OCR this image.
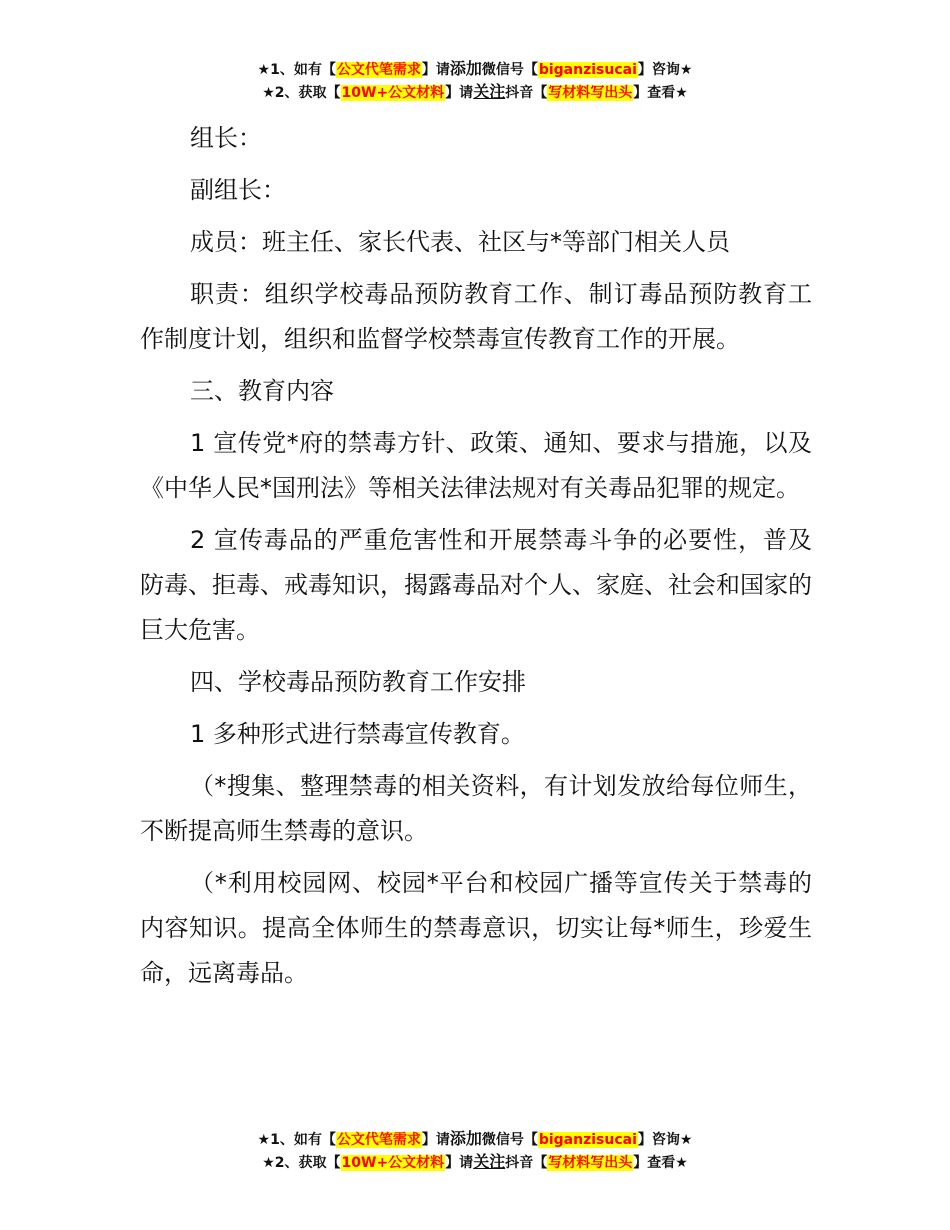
★1、如有【公文代笔需求】请添加微信号【biganzisucai】咨询★
★2、获取【10W+公文材料】请关注抖音【写材料写出头】查看★

组长：

副组长：

成员：班主任、家长代表、社区与*等部门相关人员

职责：组织学校毒品预防教育工作、制订毒品预防教育工作制度计划，组织和监督学校禁毒宣传教育工作的开展。

三、教育内容

1 宣传党*府的禁毒方针、政策、通知、要求与措施，以及《中华人民*国刑法》等相关法律法规对有关毒品犯罪的规定。

2 宣传毒品的严重危害性和开展禁毒斗争的必要性，普及防毒、拒毒、戒毒知识，揭露毒品对个人、家庭、社会和国家的巨大危害。

四、学校毒品预防教育工作安排

1 多种形式进行禁毒宣传教育。

（*搜集、整理禁毒的相关资料，有计划发放给每位师生，不断提高师生禁毒的意识。

（*利用校园网、校园*平台和校园广播等宣传关于禁毒的内容知识。提高全体师生的禁毒意识，切实让每*师生，珍爱生命，远离毒品。

★1、如有【公文代笔需求】请添加微信号【biganzisucai】咨询★
★2、获取【10W+公文材料】请关注抖音【写材料写出头】查看★
